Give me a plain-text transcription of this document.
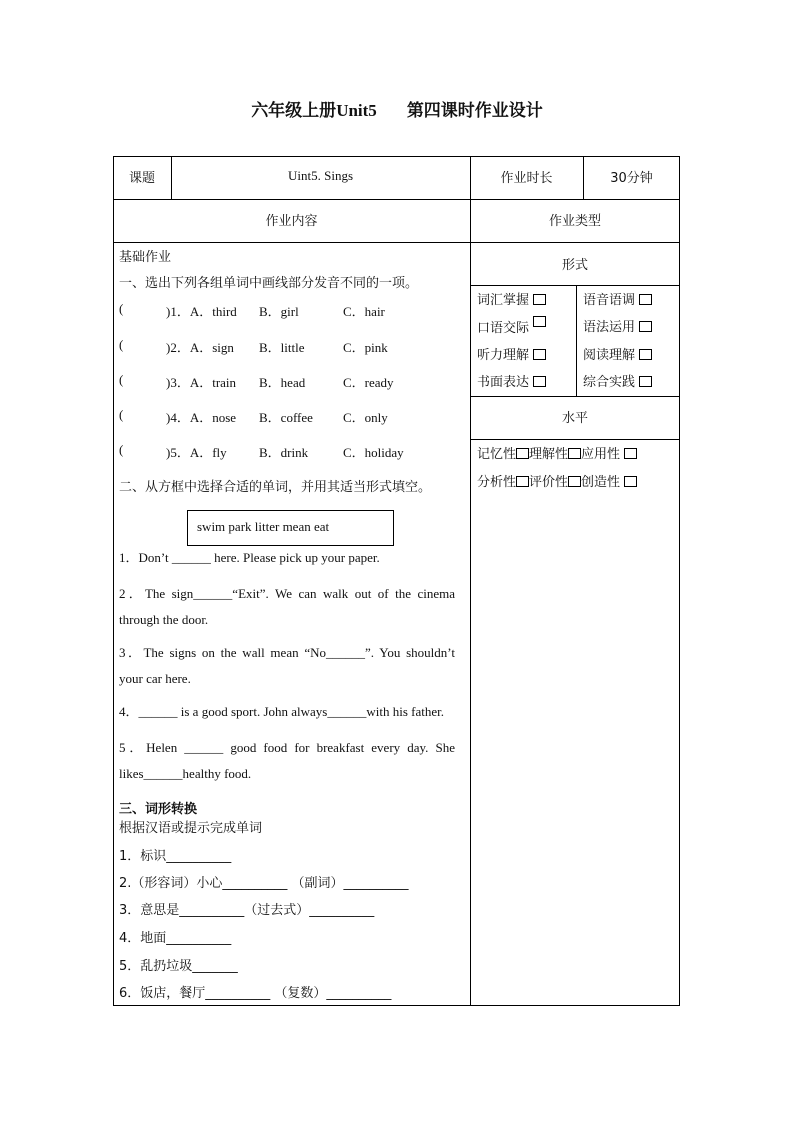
六年级上册Unit5 第四课时作业设计
课题	Uint5. Sings	作业时长	30分钟
作业内容	作业类型
形式
词汇掌握	语音语调
口语交际	语法运用
听力理解	阅读理解
书面表达	综合实践
水平
记忆性 理解性 应用性
分析性 评价性 创造性
基础作业
一、选出下列各组单词中画线部分发音不同的一项。
(	)1．A．third B．girl	C．hair
(	)2．A．sign B．little	C．pink
(	)3．A．train B．head	C．ready
(	)4．A．nose B．coffee C．only
(	)5．A．fly B．drink	C．holiday
二、从方框中选择合适的单词，并用其适当形式填空。
swim park litter mean eat
1．Don’t ______ here. Please pick up your paper.
2．The sign______“Exit”. We can walk out of the cinema through the door.
3．The signs on the wall mean “No______”. You shouldn’t your car here.
4．______ is a good sport. John always______with his father.
5．Helen ______ good food for breakfast every day. She likes______healthy food.
三、词形转换
根据汉语或提示完成单词
1．标识__________
2.（形容词）小心__________ （副词）__________
3．意思是__________（过去式）__________
4．地面__________
5．乱扔垃圾_______
6．饭店，餐厅__________ （复数）__________
